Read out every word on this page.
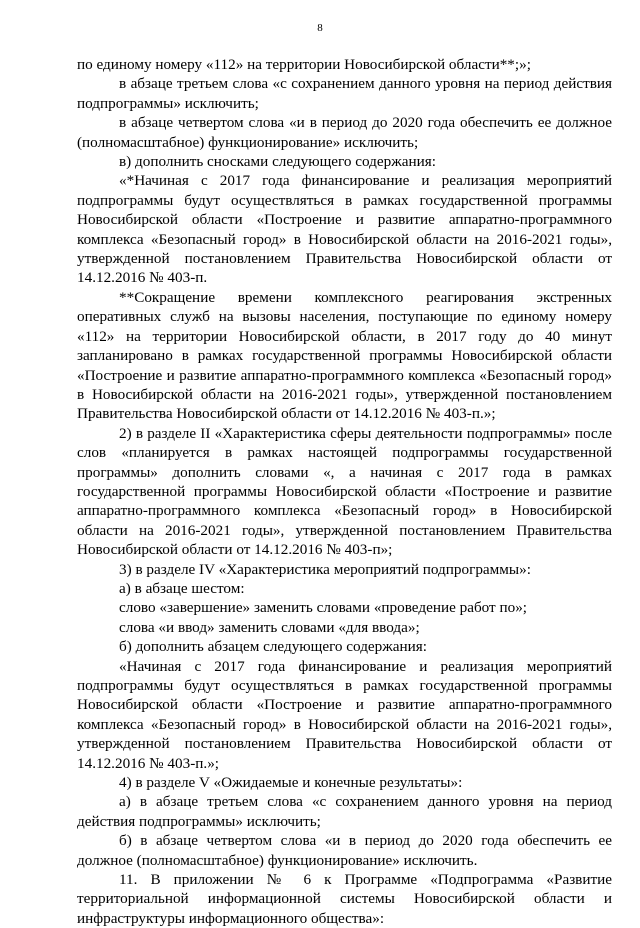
8

по единому номеру «112» на территории Новосибирской области**;»;

в абзаце третьем слова «с сохранением данного уровня на период действия подпрограммы» исключить;

в абзаце четвертом слова «и в период до 2020 года обеспечить ее должное (полномасштабное) функционирование» исключить;

в) дополнить сносками следующего содержания:

«*Начиная с 2017 года финансирование и реализация мероприятий подпрограммы будут осуществляться в рамках государственной программы Новосибирской области «Построение и развитие аппаратно-программного комплекса «Безопасный город» в Новосибирской области на 2016-2021 годы», утвержденной постановлением Правительства Новосибирской области от 14.12.2016 № 403-п.

**Сокращение времени комплексного реагирования экстренных оперативных служб на вызовы населения, поступающие по единому номеру «112» на территории Новосибирской области, в 2017 году до 40 минут запланировано в рамках государственной программы Новосибирской области «Построение и развитие аппаратно-программного комплекса «Безопасный город» в Новосибирской области на 2016-2021 годы», утвержденной постановлением Правительства Новосибирской области от 14.12.2016 № 403-п.»;

2) в разделе II «Характеристика сферы деятельности подпрограммы» после слов «планируется в рамках настоящей подпрограммы государственной программы» дополнить словами «, а начиная с 2017 года в рамках государственной программы Новосибирской области «Построение и развитие аппаратно-программного комплекса «Безопасный город» в Новосибирской области на 2016-2021 годы», утвержденной постановлением Правительства Новосибирской области от 14.12.2016 № 403-п»;

3) в разделе IV «Характеристика мероприятий подпрограммы»:

а) в абзаце шестом:

слово «завершение» заменить словами «проведение работ по»;

слова «и ввод» заменить словами «для ввода»;

б) дополнить абзацем следующего содержания:

«Начиная с 2017 года финансирование и реализация мероприятий подпрограммы будут осуществляться в рамках государственной программы Новосибирской области «Построение и развитие аппаратно-программного комплекса «Безопасный город» в Новосибирской области на 2016-2021 годы», утвержденной постановлением Правительства Новосибирской области от 14.12.2016 № 403-п.»;

4) в разделе V «Ожидаемые и конечные результаты»:

а) в абзаце третьем слова «с сохранением данного уровня на период действия подпрограммы» исключить;

б) в абзаце четвертом слова «и в период до 2020 года обеспечить ее должное (полномасштабное) функционирование» исключить.

11. В приложении № 6 к Программе «Подпрограмма «Развитие территориальной информационной системы Новосибирской области и инфраструктуры информационного общества»:
